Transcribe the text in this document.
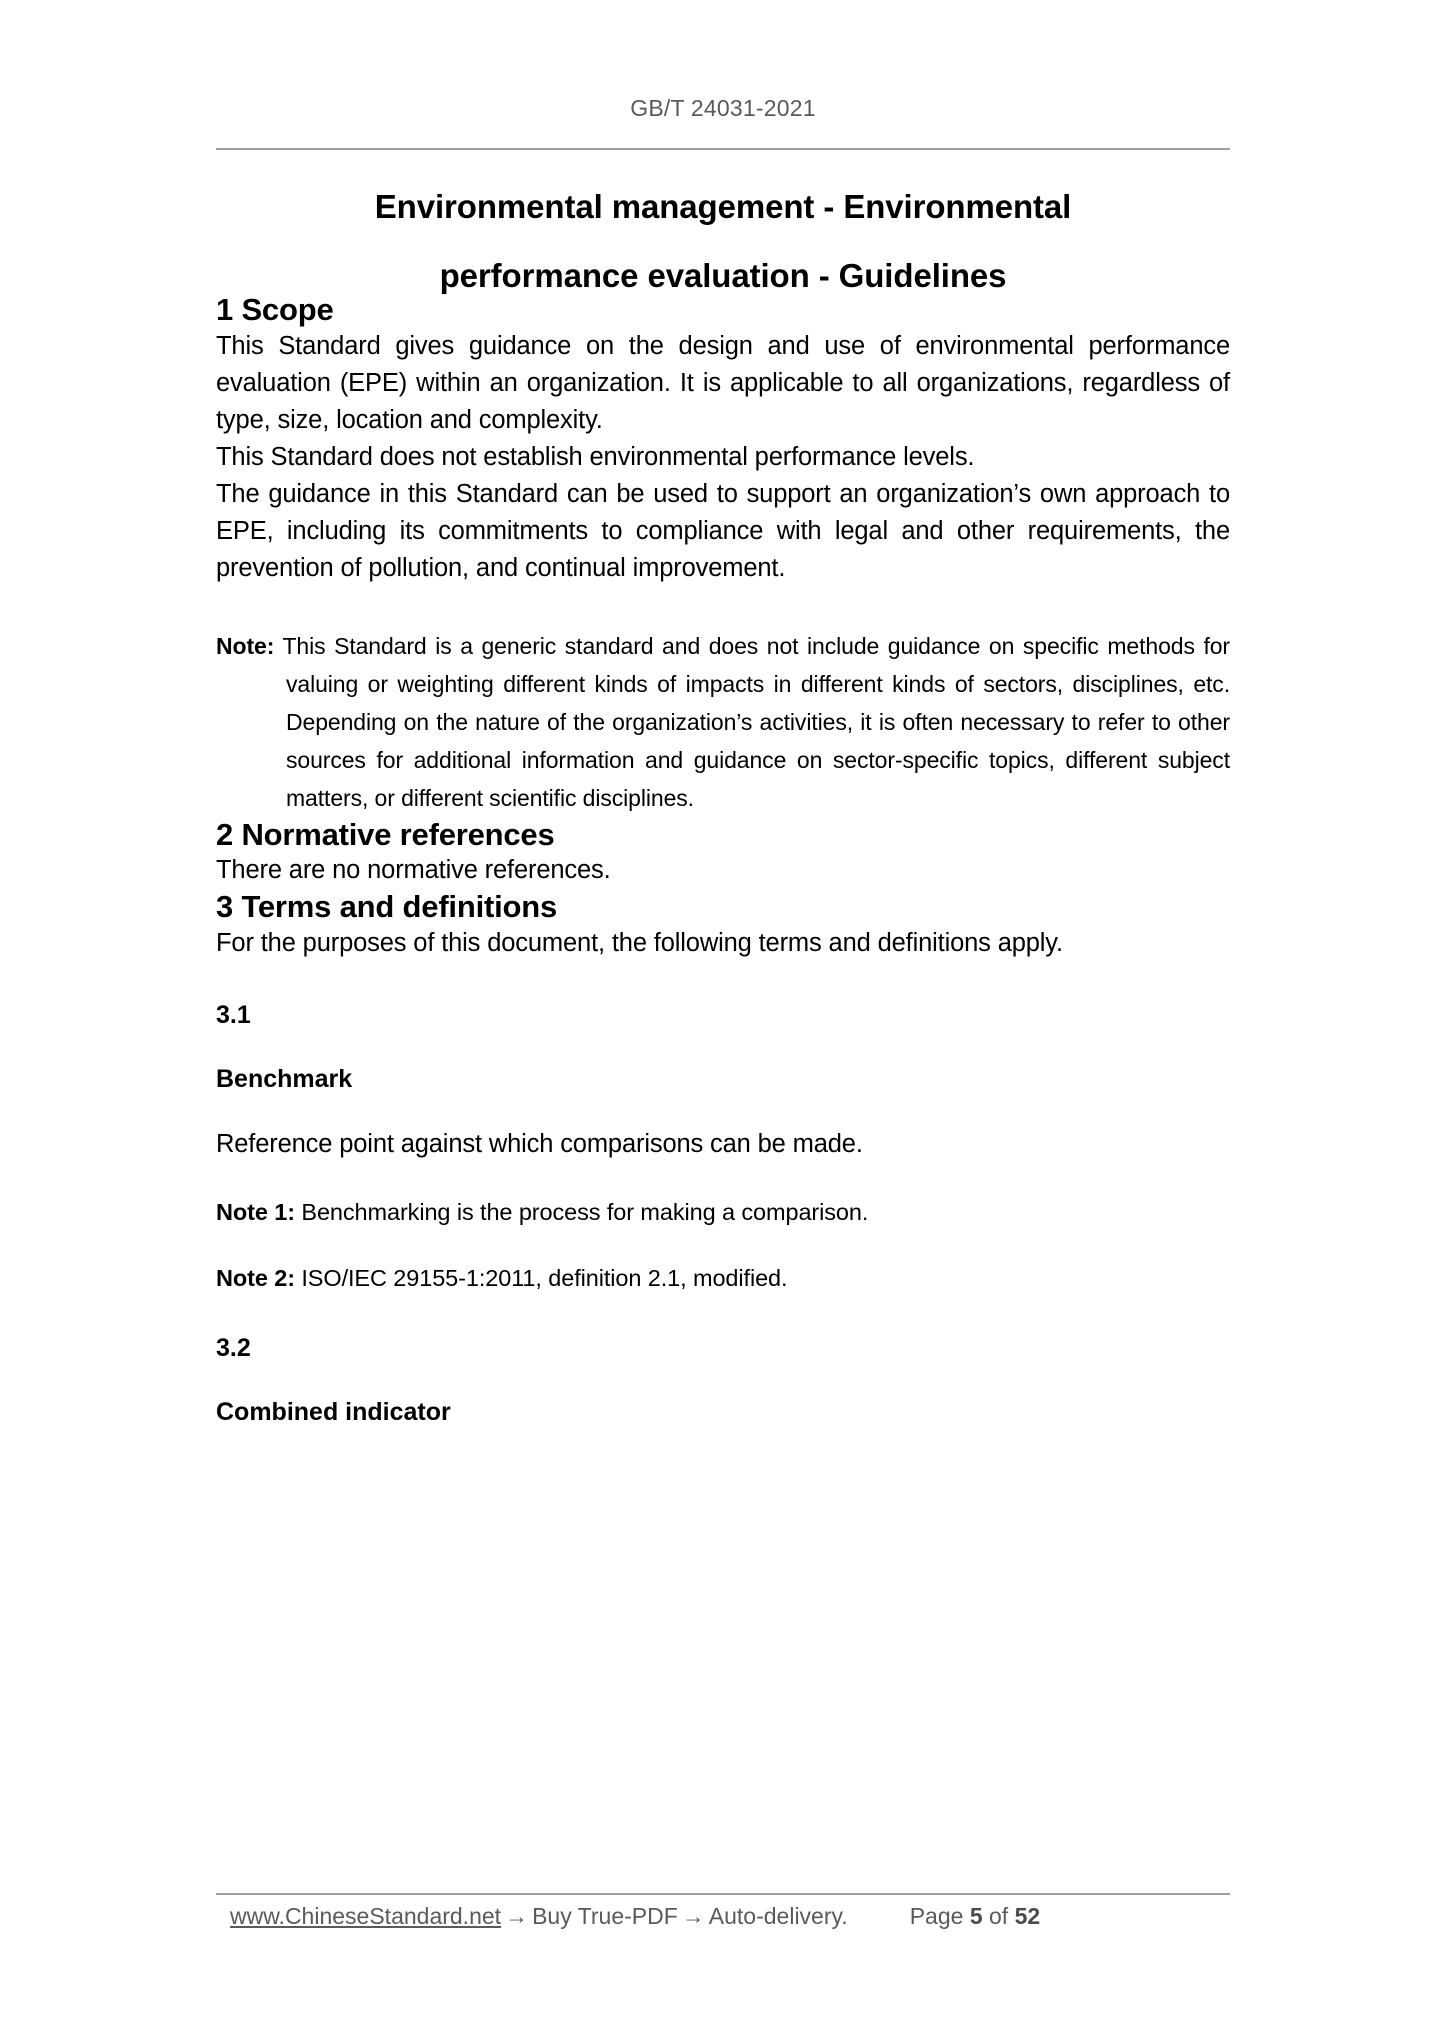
GB/T 24031-2021
Environmental management - Environmental
performance evaluation - Guidelines
1 Scope

This Standard gives guidance on the design and use of environmental performance evaluation (EPE) within an organization. It is applicable to all organizations, regardless of type, size, location and complexity.

This Standard does not establish environmental performance levels.

The guidance in this Standard can be used to support an organization’s own approach to EPE, including its commitments to compliance with legal and other requirements, the prevention of pollution, and continual improvement.

Note: This Standard is a generic standard and does not include guidance on specific methods for valuing or weighting different kinds of impacts in different kinds of sectors, disciplines, etc. Depending on the nature of the organization’s activities, it is often necessary to refer to other sources for additional information and guidance on sector-specific topics, different subject matters, or different scientific disciplines.
2 Normative references

There are no normative references.

3 Terms and definitions

For the purposes of this document, the following terms and definitions apply.

3.1
Benchmark
Reference point against which comparisons can be made.
Note 1: Benchmarking is the process for making a comparison.
Note 2: ISO/IEC 29155-1:2011, definition 2.1, modified.
3.2
Combined indicator
www.ChineseStandard.net → Buy True-PDF → Auto-delivery.	Page 5 of 52
